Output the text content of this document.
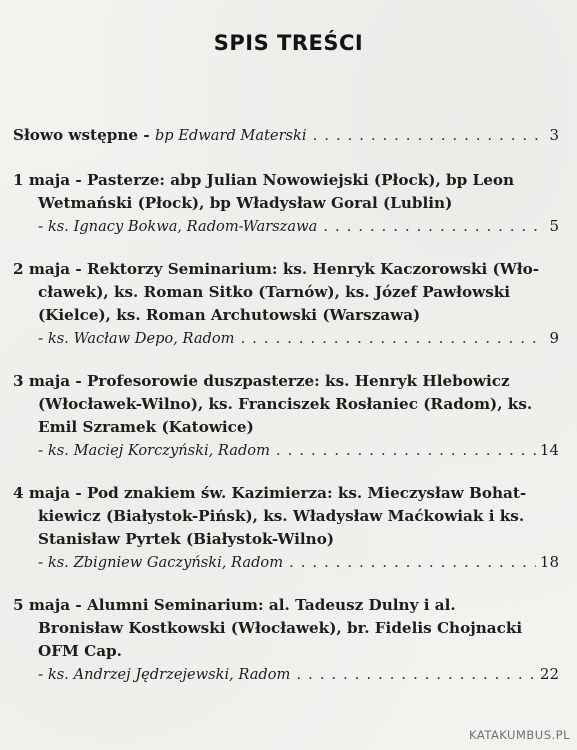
SPIS TREŚCI
Słowo wstępne - bp Edward Materski . . .	3
1 maja - Pasterze: abp Julian Nowowiejski (Płock), bp Leon
Wetmański (Płock), bp Władysław Goral (Lublin)
- ks. Ignacy Bokwa, Radom-Warszawa . . .	5
2 maja - Rektorzy Seminarium: ks. Henryk Kaczorowski (Wło-
cławek), ks. Roman Sitko (Tarnów), ks. Józef Pawłowski
(Kielce), ks. Roman Archutowski (Warszawa)
- ks. Wacław Depo, Radom . . .	9
3 maja - Profesorowie duszpasterze: ks. Henryk Hlebowicz
(Włocławek-Wilno), ks. Franciszek Rosłaniec (Radom), ks.
Emil Szramek (Katowice)
- ks. Maciej Korczyński, Radom . . .	14
4 maja - Pod znakiem św. Kazimierza: ks. Mieczysław Bohat-
kiewicz (Białystok-Pińsk), ks. Władysław Maćkowiak i ks.
Stanisław Pyrtek (Białystok-Wilno)
- ks. Zbigniew Gaczyński, Radom . . .	18
5 maja - Alumni Seminarium: al. Tadeusz Dulny i al.
Bronisław Kostkowski (Włocławek), br. Fidelis Chojnacki
OFM Cap.
- ks. Andrzej Jędrzejewski, Radom . . .	22
KATAKUMBUS.PL
